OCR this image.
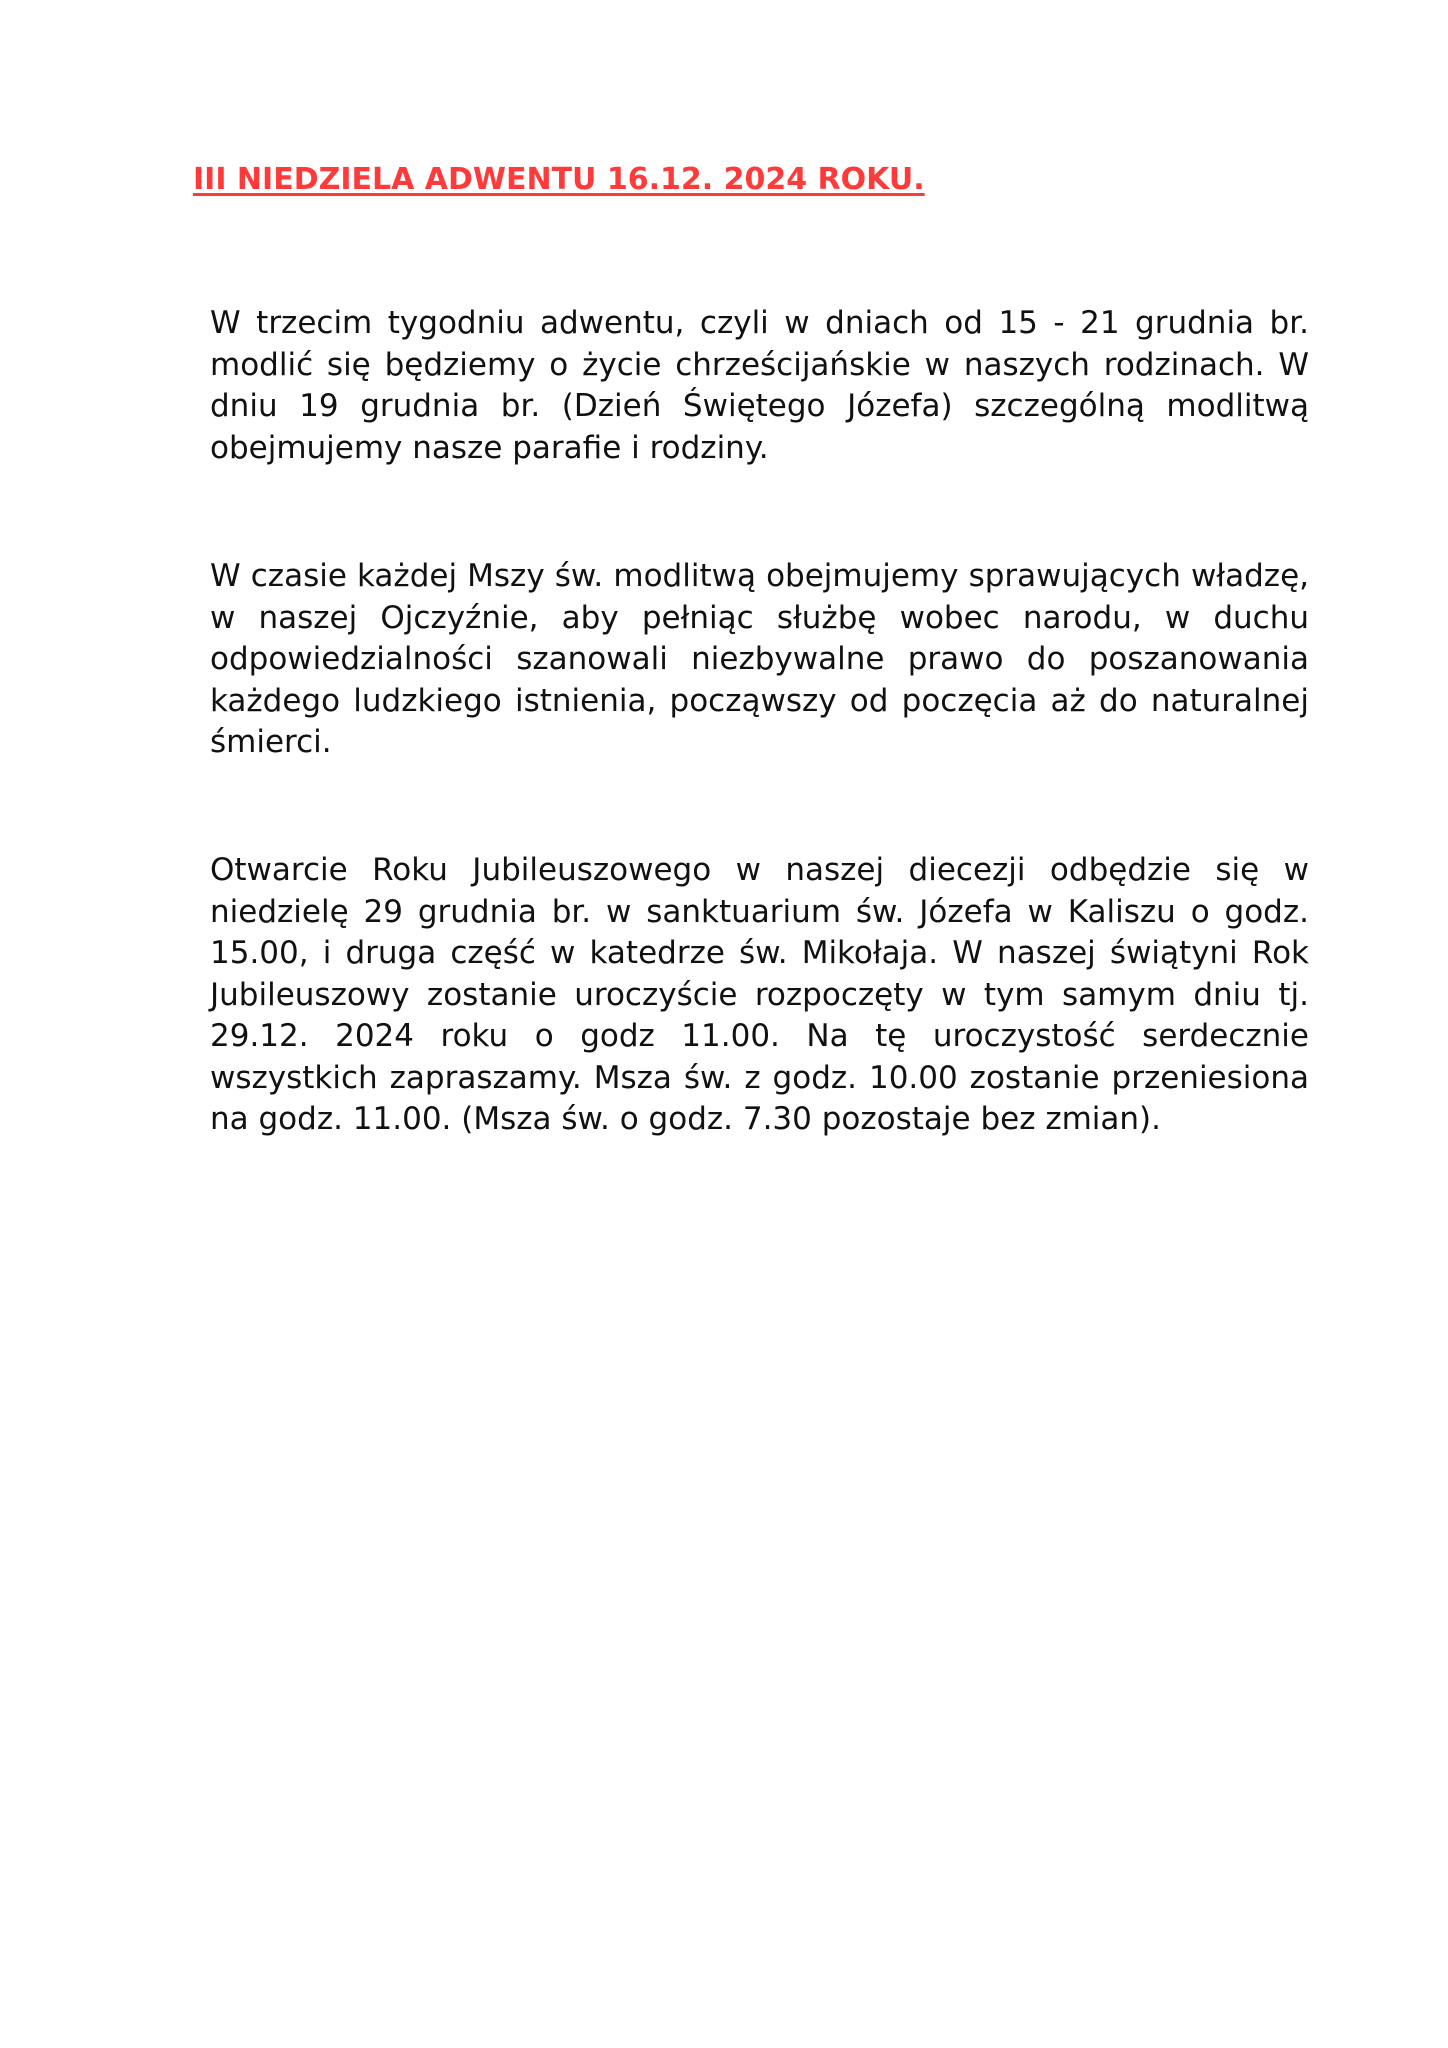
III NIEDZIELA ADWENTU 16.12. 2024 ROKU.

W trzecim tygodniu adwentu, czyli w dniach od 15 - 21 grudnia br. modlić się będziemy o życie chrześcijańskie w naszych rodzinach. W dniu 19 grudnia br. (Dzień Świętego Józefa) szczególną modlitwą obejmujemy nasze parafie i rodziny.

W czasie każdej Mszy św. modlitwą obejmujemy sprawujących władzę, w naszej Ojczyźnie, aby pełniąc służbę wobec narodu, w duchu odpowiedzialności szanowali niezbywalne prawo do poszanowania każdego ludzkiego istnienia, począwszy od poczęcia aż do naturalnej śmierci.

Otwarcie Roku Jubileuszowego w naszej diecezji odbędzie się w niedzielę 29 grudnia br. w sanktuarium św. Józefa w Kaliszu o godz. 15.00, i druga część w katedrze św. Mikołaja. W naszej świątyni Rok Jubileuszowy zostanie uroczyście rozpoczęty w tym samym dniu tj. 29.12. 2024 roku o godz 11.00. Na tę uroczystość serdecznie wszystkich zapraszamy. Msza św. z godz. 10.00 zostanie przeniesiona na godz. 11.00. (Msza św. o godz. 7.30 pozostaje bez zmian).
